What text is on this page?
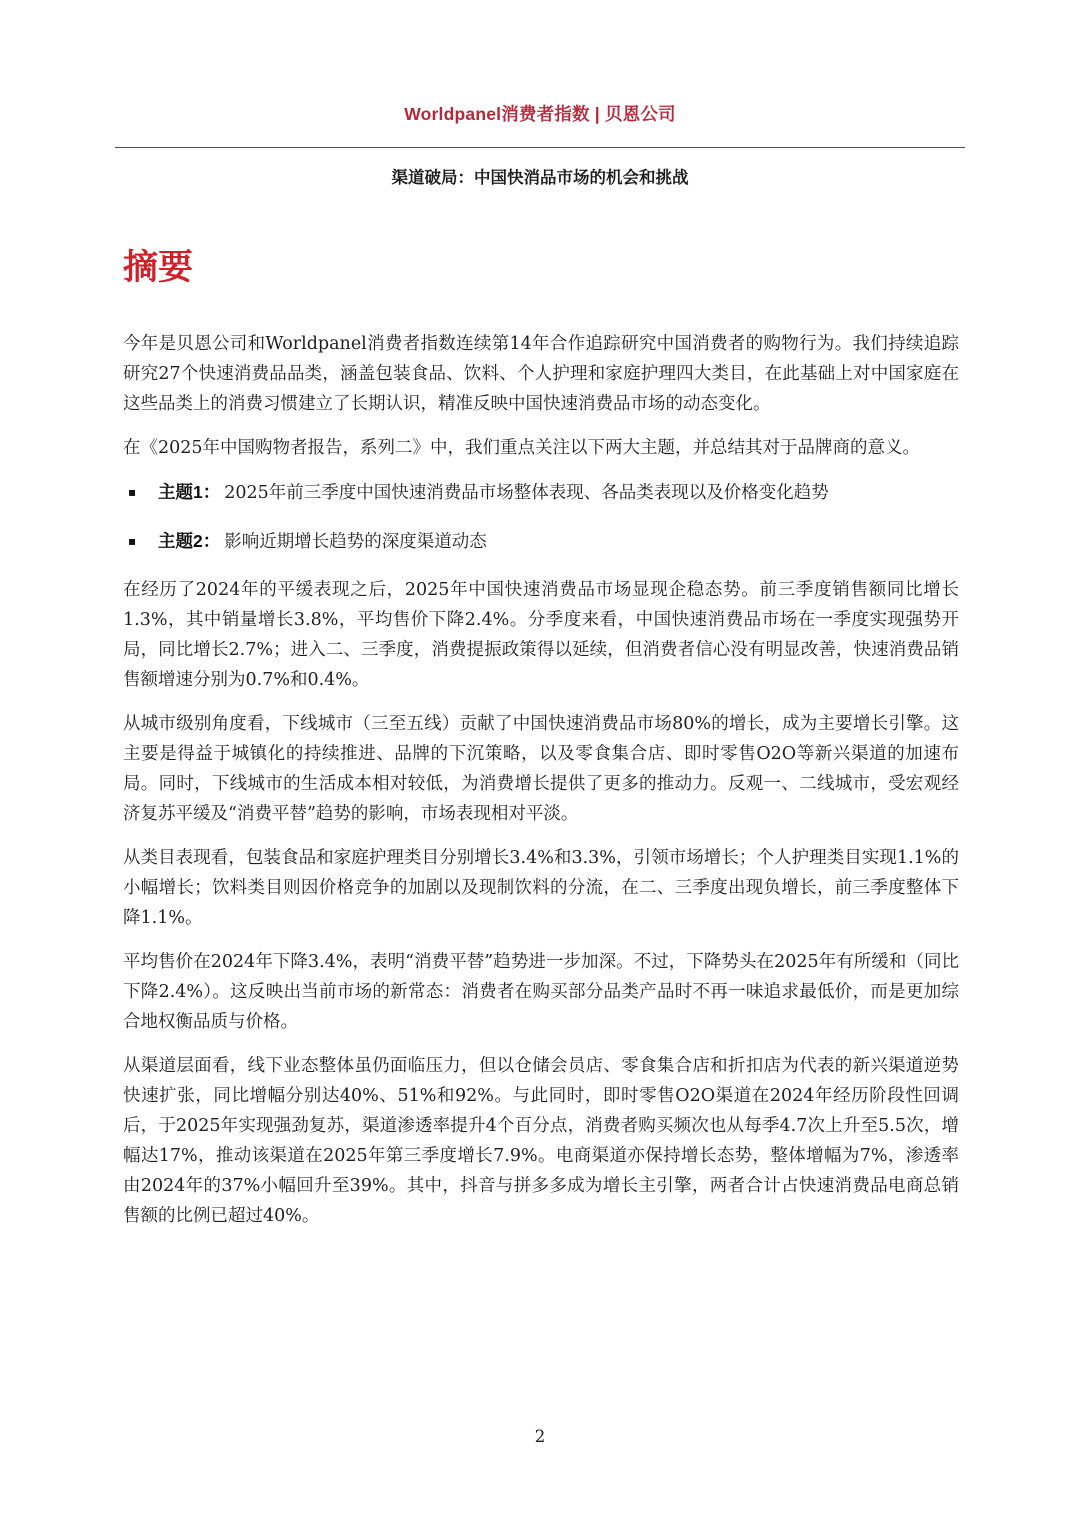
Worldpanel消费者指数 | 贝恩公司
渠道破局：中国快消品市场的机会和挑战
摘要

今年是贝恩公司和Worldpanel消费者指数连续第14年合作追踪研究中国消费者的购物行为。我们持续追踪研究27个快速消费品品类，涵盖包装食品、饮料、个人护理和家庭护理四大类目，在此基础上对中国家庭在这些品类上的消费习惯建立了长期认识，精准反映中国快速消费品市场的动态变化。

在《2025年中国购物者报告，系列二》中，我们重点关注以下两大主题，并总结其对于品牌商的意义。

▪ 主题1： 2025年前三季度中国快速消费品市场整体表现、各品类表现以及价格变化趋势
▪ 主题2： 影响近期增长趋势的深度渠道动态

在经历了2024年的平缓表现之后，2025年中国快速消费品市场显现企稳态势。前三季度销售额同比增长1.3%，其中销量增长3.8%，平均售价下降2.4%。分季度来看，中国快速消费品市场在一季度实现强势开局，同比增长2.7%；进入二、三季度，消费提振政策得以延续，但消费者信心没有明显改善，快速消费品销售额增速分别为0.7%和0.4%。

从城市级别角度看，下线城市（三至五线）贡献了中国快速消费品市场80%的增长，成为主要增长引擎。这主要是得益于城镇化的持续推进、品牌的下沉策略，以及零食集合店、即时零售O2O等新兴渠道的加速布局。同时，下线城市的生活成本相对较低，为消费增长提供了更多的推动力。反观一、二线城市，受宏观经济复苏平缓及“消费平替”趋势的影响，市场表现相对平淡。

从类目表现看，包装食品和家庭护理类目分别增长3.4%和3.3%，引领市场增长；个人护理类目实现1.1%的小幅增长；饮料类目则因价格竞争的加剧以及现制饮料的分流，在二、三季度出现负增长，前三季度整体下降1.1%。

平均售价在2024年下降3.4%，表明“消费平替”趋势进一步加深。不过，下降势头在2025年有所缓和（同比下降2.4%）。这反映出当前市场的新常态：消费者在购买部分品类产品时不再一味追求最低价，而是更加综合地权衡品质与价格。

从渠道层面看，线下业态整体虽仍面临压力，但以仓储会员店、零食集合店和折扣店为代表的新兴渠道逆势快速扩张，同比增幅分别达40%、51%和92%。与此同时，即时零售O2O渠道在2024年经历阶段性回调后，于2025年实现强劲复苏，渠道渗透率提升4个百分点，消费者购买频次也从每季4.7次上升至5.5次，增幅达17%，推动该渠道在2025年第三季度增长7.9%。电商渠道亦保持增长态势，整体增幅为7%，渗透率由2024年的37%小幅回升至39%。其中，抖音与拼多多成为增长主引擎，两者合计占快速消费品电商总销售额的比例已超过40%。

2
